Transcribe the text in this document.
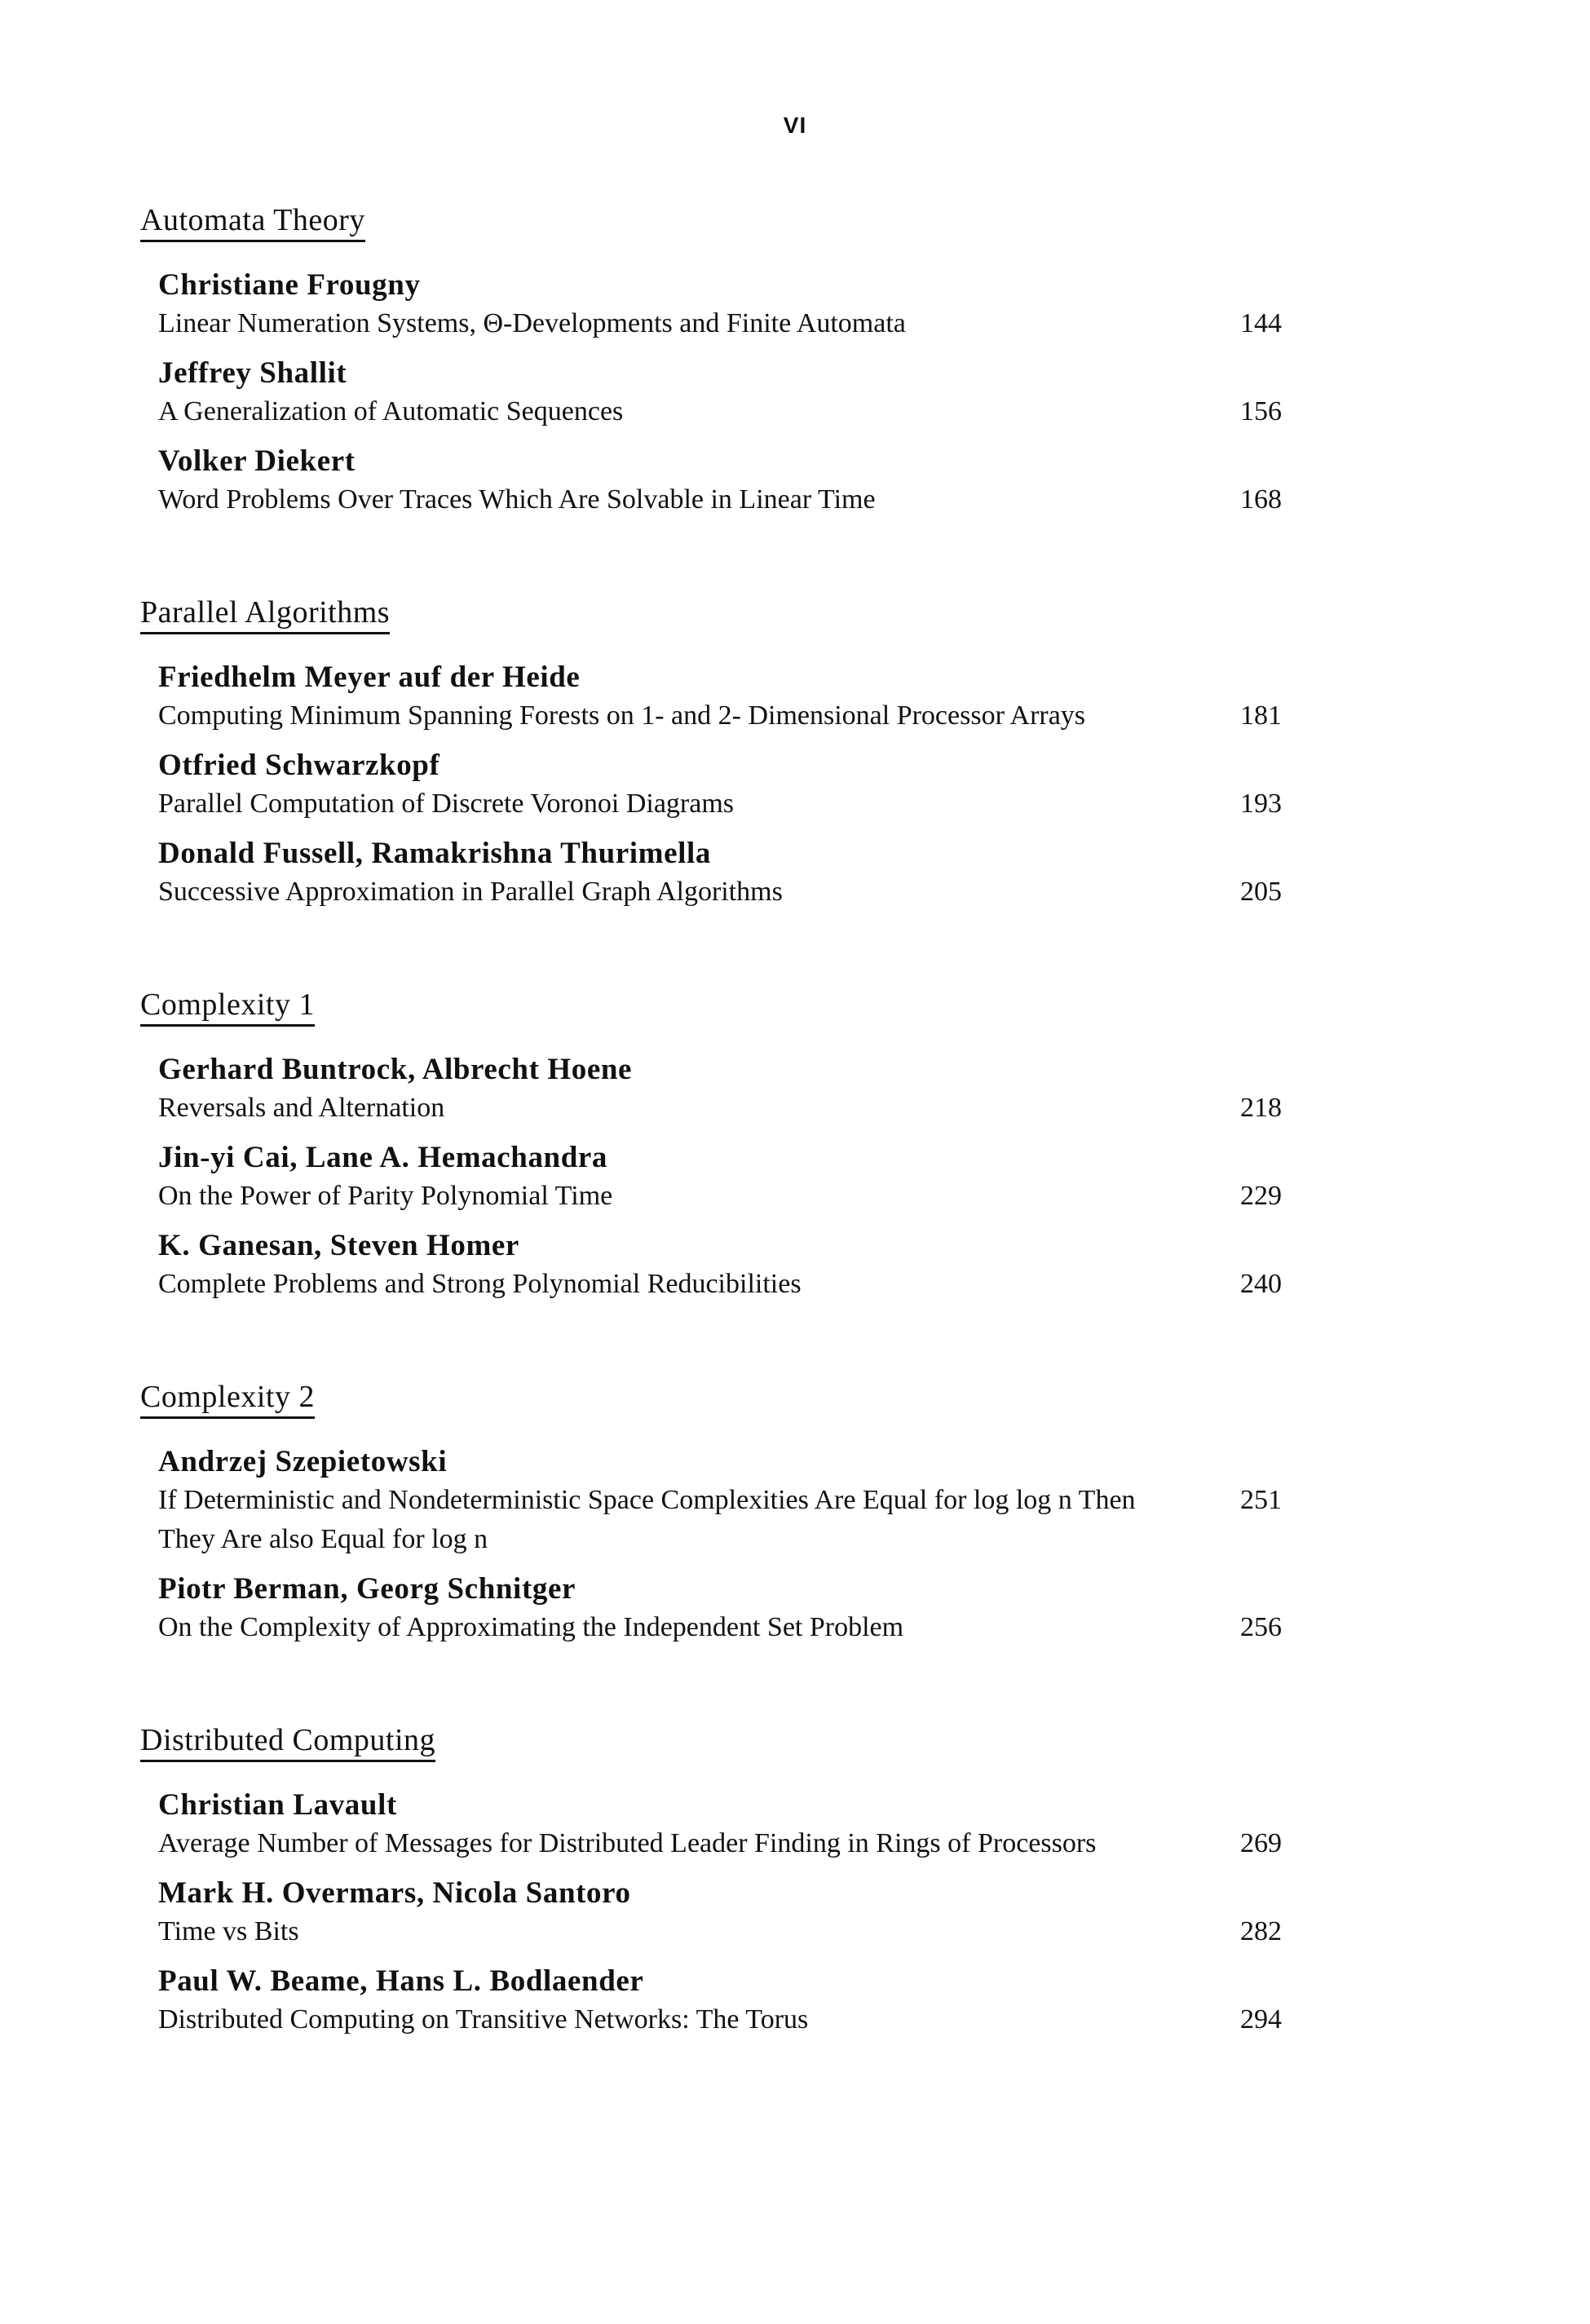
VI
Automata Theory
Christiane Frougny
Linear Numeration Systems, Θ-Developments and Finite Automata	144
Jeffrey Shallit
A Generalization of Automatic Sequences	156
Volker Diekert
Word Problems Over Traces Which Are Solvable in Linear Time	168
Parallel Algorithms
Friedhelm Meyer auf der Heide
Computing Minimum Spanning Forests on 1- and 2- Dimensional Processor Arrays	181
Otfried Schwarzkopf
Parallel Computation of Discrete Voronoi Diagrams	193
Donald Fussell, Ramakrishna Thurimella
Successive Approximation in Parallel Graph Algorithms	205
Complexity 1
Gerhard Buntrock, Albrecht Hoene
Reversals and Alternation	218
Jin-yi Cai, Lane A. Hemachandra
On the Power of Parity Polynomial Time	229
K. Ganesan, Steven Homer
Complete Problems and Strong Polynomial Reducibilities	240
Complexity 2
Andrzej Szepietowski
If Deterministic and Nondeterministic Space Complexities Are Equal for log log n Then They Are also Equal for log n
251
Piotr Berman, Georg Schnitger
On the Complexity of Approximating the Independent Set Problem	256
Distributed Computing
Christian Lavault
Average Number of Messages for Distributed Leader Finding in Rings of Processors	269
Mark H. Overmars, Nicola Santoro
Time vs Bits	282
Paul W. Beame, Hans L. Bodlaender
Distributed Computing on Transitive Networks: The Torus	294
